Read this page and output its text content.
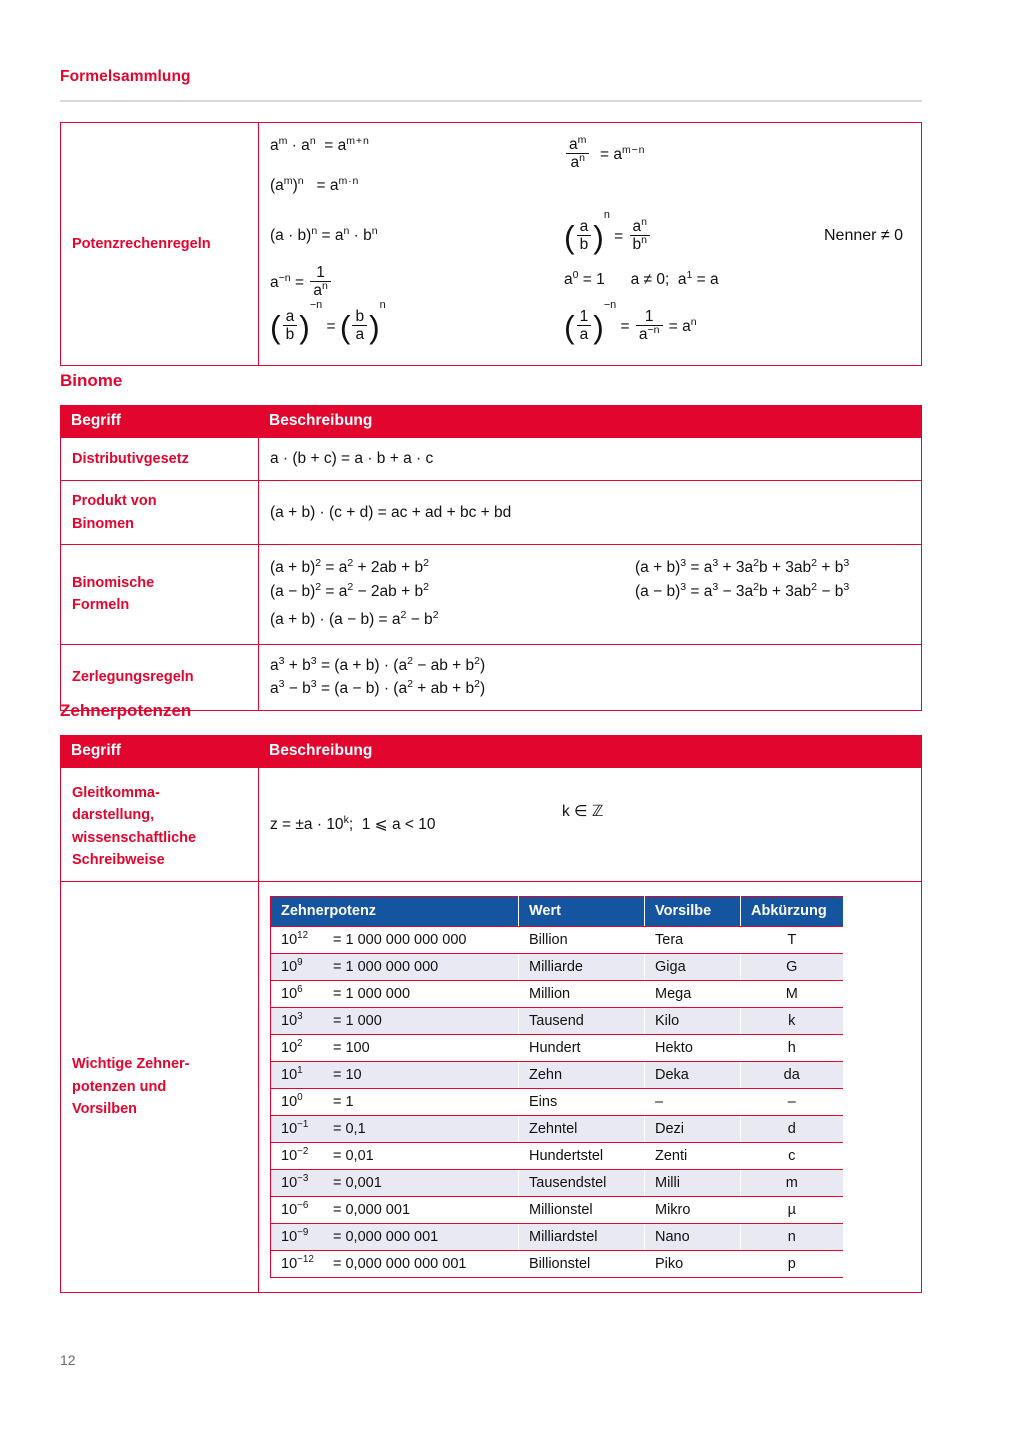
Formelsammlung
Potenzrechenregeln	
$a^m \cdot a^n = a^{m + n}$	$\frac{a^m}{a^n} = a^{m - n}$
$(a^m)^n = a^{m \cdot n}$
$(a \cdot b)^n = a^n \cdot b^n$	( $\frac{a}{b} )n = \frac{a^n}{b^n}$	Nenner ≠ 0
$a^{-n} = \frac{1}{a^n}$	$a^0 = 1$      a ≠ 0;  $a^1 = a$
( $\frac{a}{b} )-n$ = ( $\frac{b}{a} )n$
( $\frac{1}{a} )-n = \frac{1}{a^{-n}} = a^n$
Binome
Begriff	Beschreibung
Distributivgesetz	a · (b + c) = a · b + a · c

Produkt von
Binomen	(a + b) · (c + d) = ac + ad + bc + bd

Binomische
Formeln	
$(a + b)^2 = a^2 + 2ab + b^2$	$(a + b)^3 = a^3 + 3a^2b + 3ab^2 + b^3$
$(a - b)^2 = a^2 - 2ab + b^2$	$(a - b)^3 = a^3 - 3a^2b + 3ab^2 - b^3$
$(a + b) \cdot (a - b) = a^2 - b^2$

Zerlegungsregeln	$a^3 + b^3 = (a + b) \cdot (a^2$ − ab + $b^2$)
$a^3 - b^3 = (a - b) \cdot (a^2$ + ab + $b^2$)
Zehnerpotenzen
Begriff	Beschreibung
Gleitkomma-
darstellung,
wissenschaftliche
Schreibweise	$z = \pm a \cdot 10^k$;  1 ⩽ a < 10
k ∈ ℤ

Wichtige Zehner-
potenzen und
Vorsilben	
Zehnerpotenz	Wert	Vorsilbe	Abkürzung
$10^{12} = 1$ 000 000 000 000	Billion	Tera	T
$10^9 = 1$ 000 000 000	Milliarde	Giga	G
$10^6 = 1$ 000 000	Million	Mega	M
$10^3 = 1$ 000	Tausend	Kilo	k
$10^2 = 100$	Hundert	Hekto	h
$10^1 = 10$	Zehn	Deka	da
$10^0 = 1$	Eins	–	–
$10^{-1} = 0,1$	Zehntel	Dezi	d
$10^{-2} = 0,01$	Hundertstel	Zenti	c
$10^{-3} = 0,001$	Tausendstel	Milli	m
$10^{-6} = 0,000$ 001	Millionstel	Mikro	µ
$10^{-9} = 0,000$ 000 001	Milliardstel	Nano	n
$10^{-12} = 0,000$ 000 000 001	Billionstel	Piko	p
12
